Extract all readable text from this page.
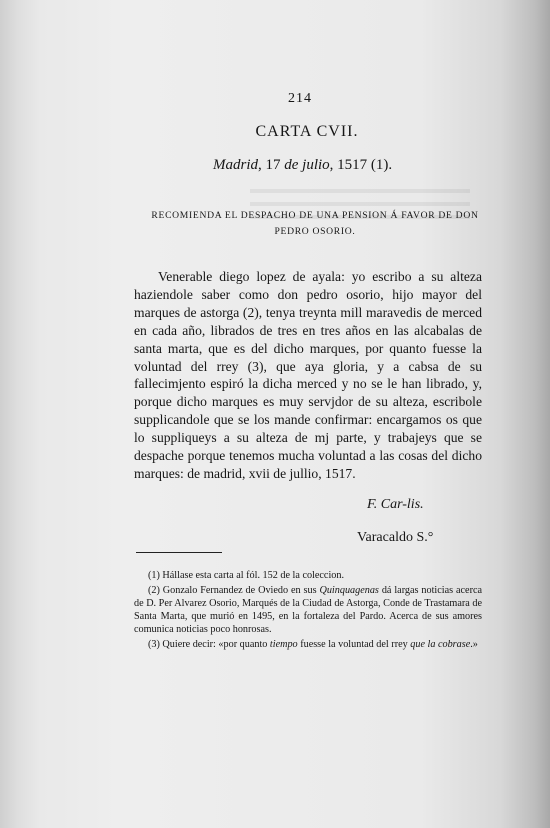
214
CARTA CVII.
Madrid, 17 de julio, 1517 (1).
RECOMIENDA EL DESPACHO DE UNA PENSION Á FAVOR DE DON PEDRO OSORIO.

Venerable diego lopez de ayala: yo escribo a su alteza haziendole saber como don pedro osorio, hijo mayor del marques de astorga (2), tenya treynta mill maravedis de merced en cada año, librados de tres en tres años en las alcabalas de santa marta, que es del dicho marques, por quanto fuesse la voluntad del rrey (3), que aya gloria, y a cabsa de su fallecimjento espiró la dicha merced y no se le han librado, y, porque dicho marques es muy servjdor de su alteza, escribole supplicandole que se los mande confirmar: encargamos os que lo suppliqueys a su alteza de mj parte, y trabajeys que se despache porque tenemos mucha voluntad a las cosas del dicho marques: de madrid, xvii de jullio, 1517.

F. Car-lis.
Varacaldo S.°

(1) Hállase esta carta al fól. 152 de la coleccion.

(2) Gonzalo Fernandez de Oviedo en sus Quinquagenas dá largas noticias acerca de D. Per Alvarez Osorio, Marqués de la Ciudad de Astorga, Conde de Trastamara de Santa Marta, que murió en 1495, en la fortaleza del Pardo. Acerca de sus amores comunica noticias poco honrosas.

(3) Quiere decir: «por quanto tiempo fuesse la voluntad del rrey que la cobrase.»
